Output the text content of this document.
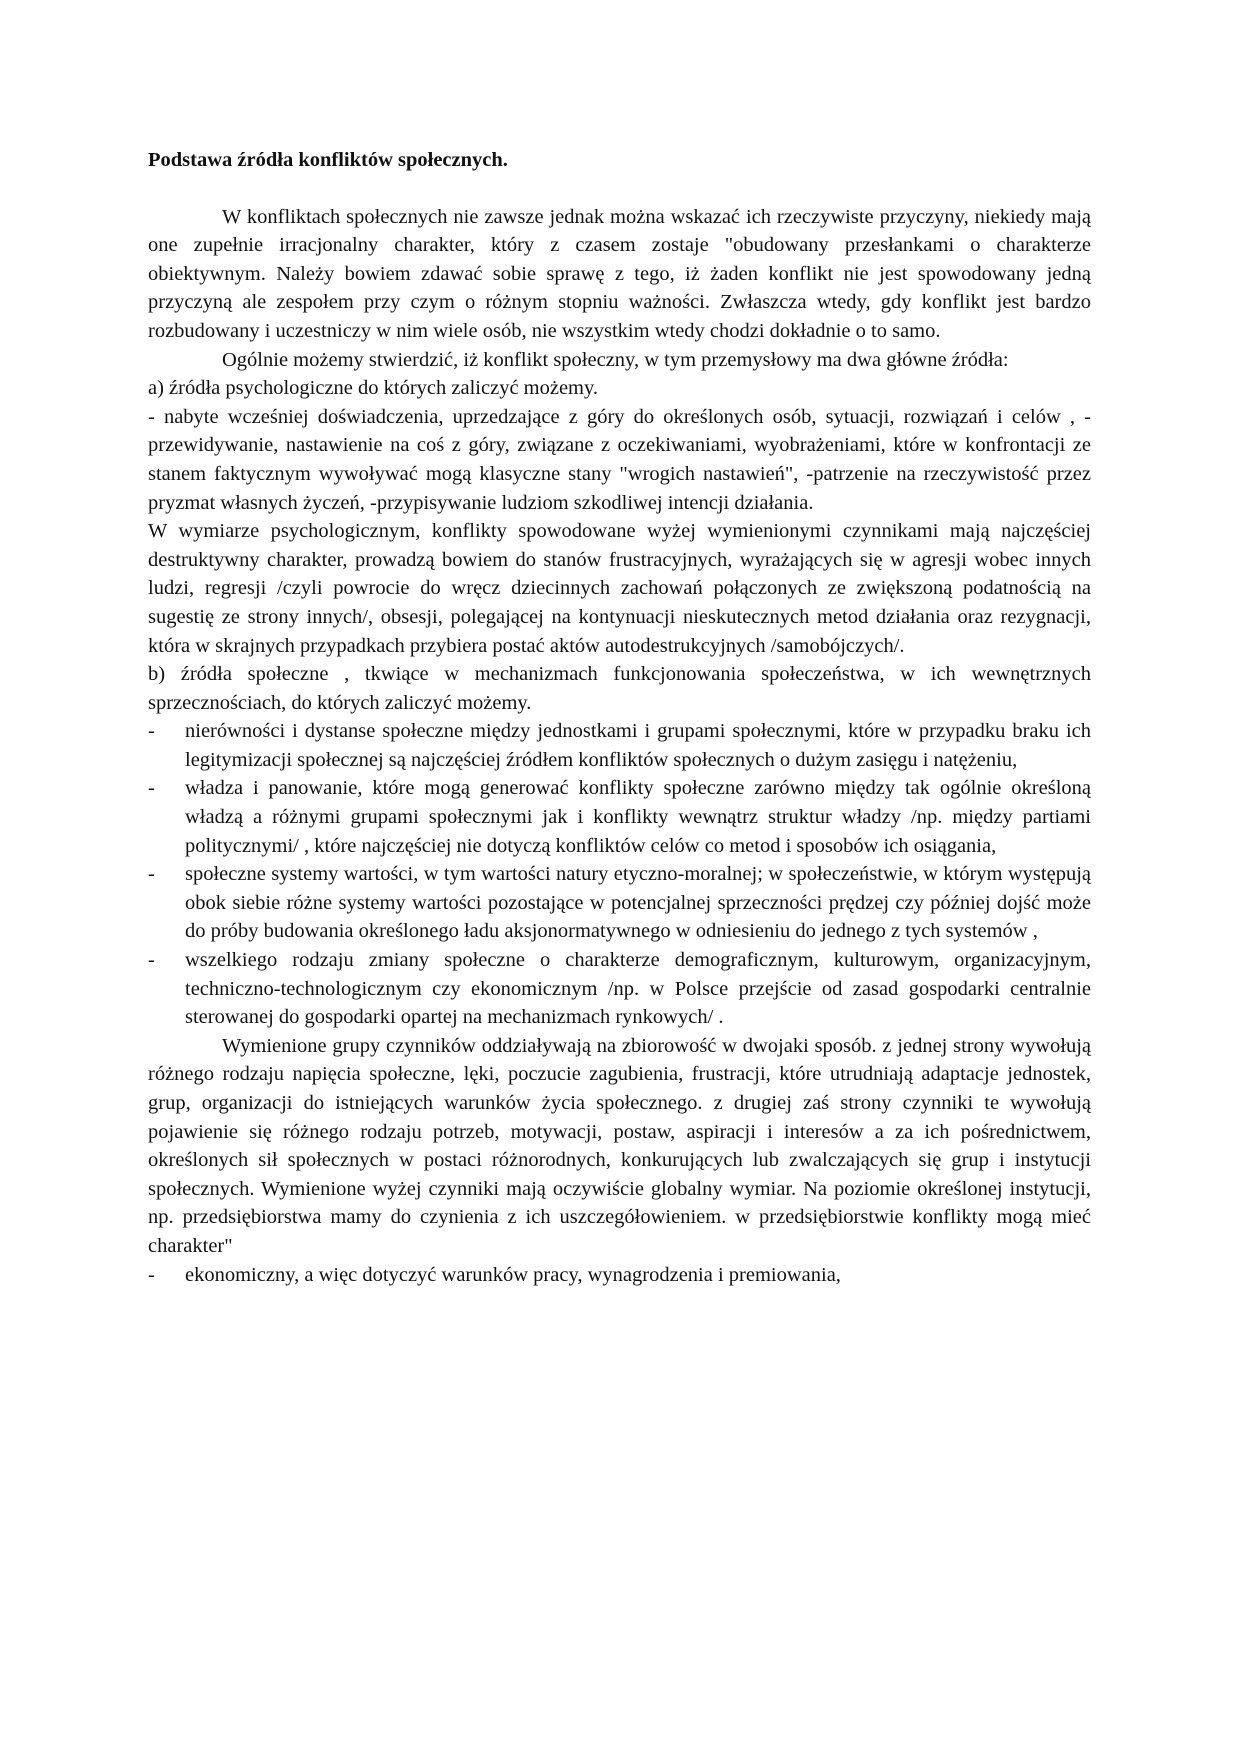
Podstawa źródła konfliktów społecznych.

W konfliktach społecznych nie zawsze jednak można wskazać ich rzeczywiste przyczyny, niekiedy mają one zupełnie irracjonalny charakter, który z czasem zostaje "obudowany przesłankami o charakterze obiektywnym. Należy bowiem zdawać sobie sprawę z tego, iż żaden konflikt nie jest spowodowany jedną przyczyną ale zespołem przy czym o różnym stopniu ważności. Zwłaszcza wtedy, gdy konflikt jest bardzo rozbudowany i uczestniczy w nim wiele osób, nie wszystkim wtedy chodzi dokładnie o to samo.

Ogólnie możemy stwierdzić, iż konflikt społeczny, w tym przemysłowy ma dwa główne źródła:

a) źródła psychologiczne do których zaliczyć możemy.

- nabyte wcześniej doświadczenia, uprzedzające z góry do określonych osób, sytuacji, rozwiązań i celów , -przewidywanie, nastawienie na coś z góry, związane z oczekiwaniami, wyobrażeniami, które w konfrontacji ze stanem faktycznym wywoływać mogą klasyczne stany "wrogich nastawień", -patrzenie na rzeczywistość przez pryzmat własnych życzeń, -przypisywanie ludziom szkodliwej intencji działania.

W wymiarze psychologicznym, konflikty spowodowane wyżej wymienionymi czynnikami mają najczęściej destruktywny charakter, prowadzą bowiem do stanów frustracyjnych, wyrażających się w agresji wobec innych ludzi, regresji /czyli powrocie do wręcz dziecinnych zachowań połączonych ze zwiększoną podatnością na sugestię ze strony innych/, obsesji, polegającej na kontynuacji nieskutecznych metod działania oraz rezygnacji, która w skrajnych przypadkach przybiera postać aktów autodestrukcyjnych /samobójczych/.

b) źródła społeczne , tkwiące w mechanizmach funkcjonowania społeczeństwa, w ich wewnętrznych sprzecznościach, do których zaliczyć możemy.

- nierówności i dystanse społeczne między jednostkami i grupami społecznymi, które w przypadku braku ich legitymizacji społecznej są najczęściej źródłem konfliktów społecznych o dużym zasięgu i natężeniu,
- władza i panowanie, które mogą generować konflikty społeczne zarówno między tak ogólnie określoną władzą a różnymi grupami społecznymi jak i konflikty wewnątrz struktur władzy /np. między partiami politycznymi/ , które najczęściej nie dotyczą konfliktów celów co metod i sposobów ich osiągania,
- społeczne systemy wartości, w tym wartości natury etyczno-moralnej; w społeczeństwie, w którym występują obok siebie różne systemy wartości pozostające w potencjalnej sprzeczności prędzej czy później dojść może do próby budowania określonego ładu aksjonormatywnego w odniesieniu do jednego z tych systemów ,
- wszelkiego rodzaju zmiany społeczne o charakterze demograficznym, kulturowym, organizacyjnym, techniczno-technologicznym czy ekonomicznym /np. w Polsce przejście od zasad gospodarki centralnie sterowanej do gospodarki opartej na mechanizmach rynkowych/ .

Wymienione grupy czynników oddziaływają na zbiorowość w dwojaki sposób. z jednej strony wywołują różnego rodzaju napięcia społeczne, lęki, poczucie zagubienia, frustracji, które utrudniają adaptacje jednostek, grup, organizacji do istniejących warunków życia społecznego. z drugiej zaś strony czynniki te wywołują pojawienie się różnego rodzaju potrzeb, motywacji, postaw, aspiracji i interesów a za ich pośrednictwem, określonych sił społecznych w postaci różnorodnych, konkurujących lub zwalczających się grup i instytucji społecznych. Wymienione wyżej czynniki mają oczywiście globalny wymiar. Na poziomie określonej instytucji, np. przedsiębiorstwa mamy do czynienia z ich uszczegółowieniem. w przedsiębiorstwie konflikty mogą mieć charakter"

- ekonomiczny, a więc dotyczyć warunków pracy, wynagrodzenia i premiowania,
